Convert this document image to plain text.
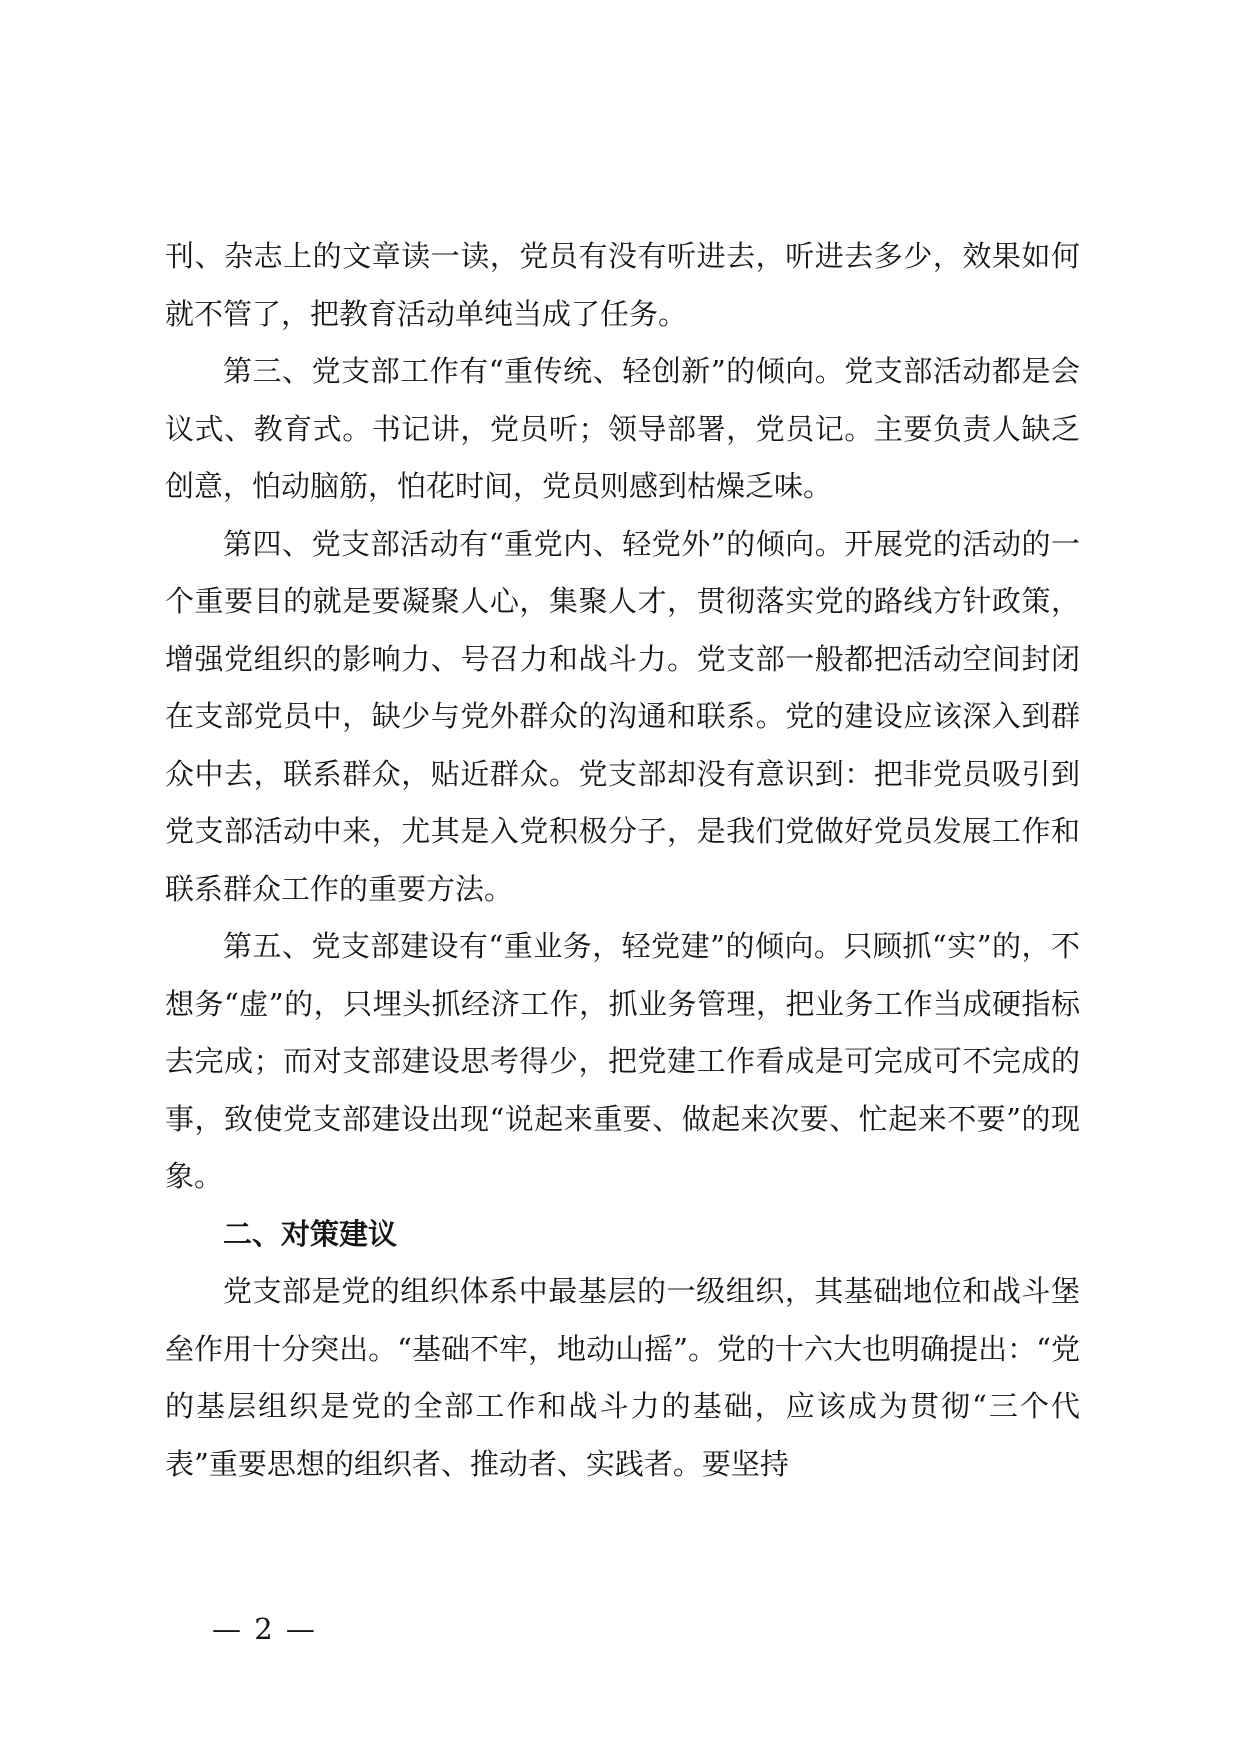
刊、杂志上的文章读一读，党员有没有听进去，听进去多少，效果如何就不管了，把教育活动单纯当成了任务。

第三、党支部工作有“重传统、轻创新”的倾向。党支部活动都是会议式、教育式。书记讲，党员听；领导部署，党员记。主要负责人缺乏创意，怕动脑筋，怕花时间，党员则感到枯燥乏味。

第四、党支部活动有“重党内、轻党外”的倾向。开展党的活动的一个重要目的就是要凝聚人心，集聚人才，贯彻落实党的路线方针政策，增强党组织的影响力、号召力和战斗力。党支部一般都把活动空间封闭在支部党员中，缺少与党外群众的沟通和联系。党的建设应该深入到群众中去，联系群众，贴近群众。党支部却没有意识到：把非党员吸引到党支部活动中来，尤其是入党积极分子，是我们党做好党员发展工作和联系群众工作的重要方法。

第五、党支部建设有“重业务，轻党建”的倾向。只顾抓“实”的，不想务“虚”的，只埋头抓经济工作，抓业务管理，把业务工作当成硬指标去完成；而对支部建设思考得少，把党建工作看成是可完成可不完成的事，致使党支部建设出现“说起来重要、做起来次要、忙起来不要”的现象。

二、对策建议

党支部是党的组织体系中最基层的一级组织，其基础地位和战斗堡垒作用十分突出。“基础不牢，地动山摇”。党的十六大也明确提出：“党的基层组织是党的全部工作和战斗力的基础，应该成为贯彻“三个代表”重要思想的组织者、推动者、实践者。要坚持

— 2 —
